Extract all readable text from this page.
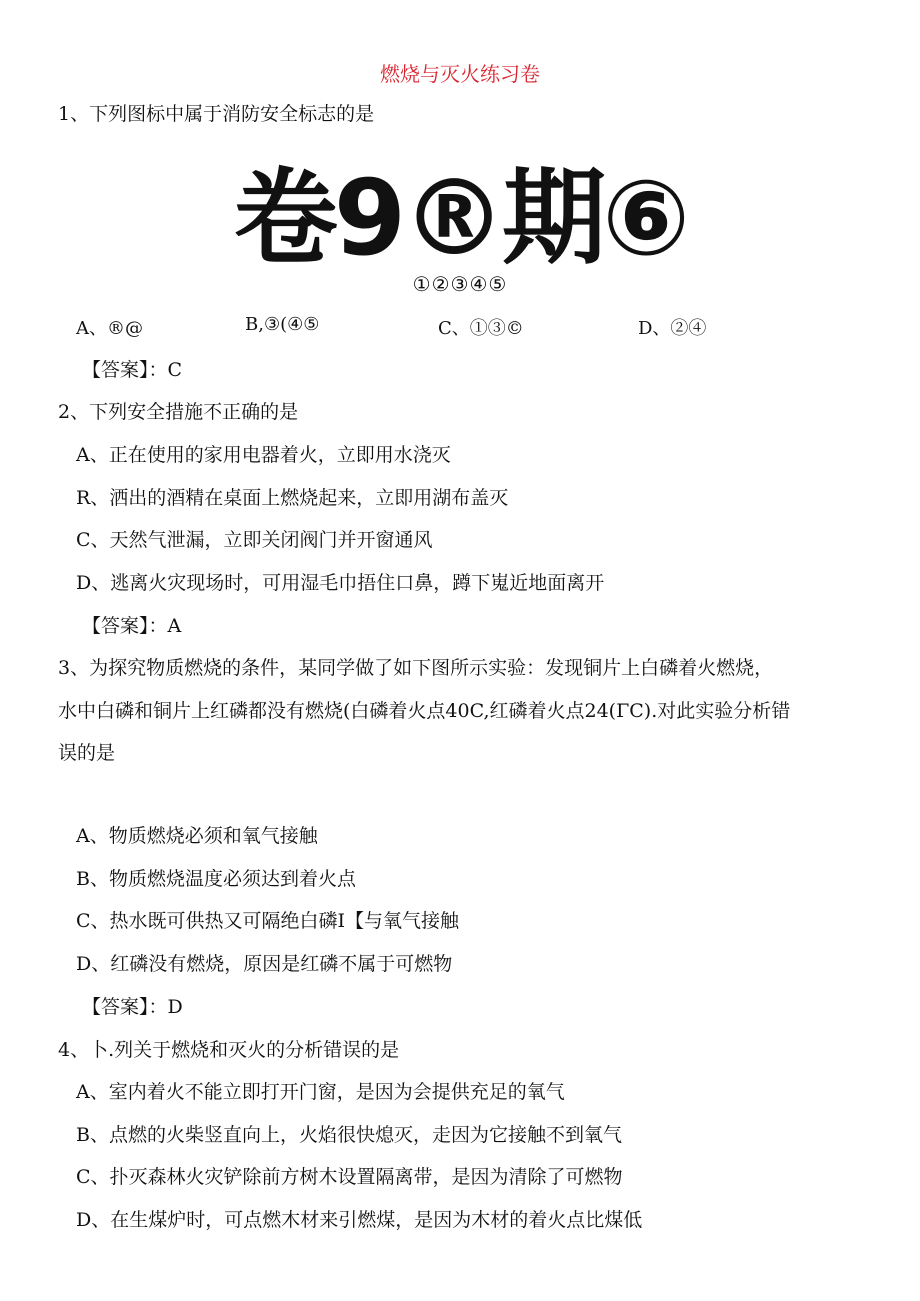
燃烧与灭火练习卷
1、下列图标中属于消防安全标志的是
卷9®期⑥
①②③④⑤
A、®@	B,③(④⑤	C、①③©	D、②④
【答案】：C
2、下列安全措施不正确的是
A、正在使用的家用电器着火，立即用水浇灭
R、洒出的酒精在桌面上燃烧起来，立即用湖布盖灭
C、天然气泄漏，立即关闭阀门并开窗通风
D、逃离火灾现场时，可用湿毛巾捂住口鼻，蹲下嵬近地面离开
【答案】：A
3、为探究物质燃烧的条件，某同学做了如下图所示实验：发现铜片上白磷着火燃烧，
水中白磷和铜片上红磷都没有燃烧(白磷着火点40C,红磷着火点24(ΓC).对此实验分析错
误的是
A、物质燃烧必须和氧气接触
B、物质燃烧温度必须达到着火点
C、热水既可供热又可隔绝白磷I【与氧气接触
D、红磷没有燃烧，原因是红磷不属于可燃物
【答案】：D
4、卜.列关于燃烧和灭火的分析错误的是
A、室内着火不能立即打开门窗，是因为会提供充足的氧气
B、点燃的火柴竖直向上，火焰很快熄灭，走因为它接触不到氧气
C、扑灭森林火灾铲除前方树木设置隔离带，是因为清除了可燃物
D、在生煤炉时，可点燃木材来引燃煤，是因为木材的着火点比煤低
